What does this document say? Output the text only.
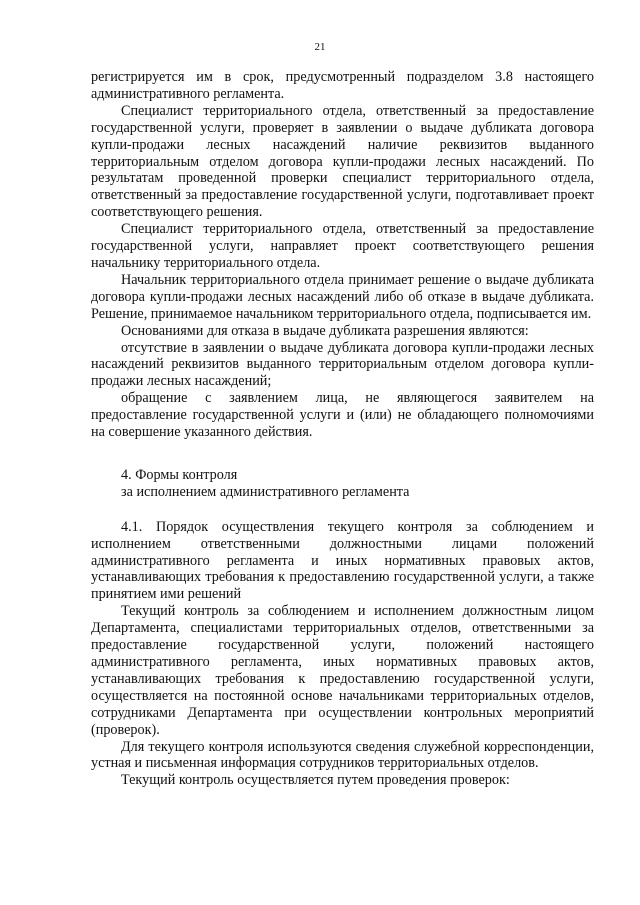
21

регистрируется им в срок, предусмотренный подразделом 3.8 настоящего административного регламента.

Специалист территориального отдела, ответственный за предоставление государственной услуги, проверяет в заявлении о выдаче дубликата договора купли-продажи лесных насаждений наличие реквизитов выданного территориальным отделом договора купли-продажи лесных насаждений. По результатам проведенной проверки специалист территориального отдела, ответственный за предоставление государственной услуги, подготавливает проект соответствующего решения.

Специалист территориального отдела, ответственный за предоставление государственной услуги, направляет проект соответствующего решения начальнику территориального отдела.

Начальник территориального отдела принимает решение о выдаче дубликата договора купли-продажи лесных насаждений либо об отказе в выдаче дубликата. Решение, принимаемое начальником территориального отдела, подписывается им.

Основаниями для отказа в выдаче дубликата разрешения являются:

отсутствие в заявлении о выдаче дубликата договора купли-продажи лесных насаждений реквизитов выданного территориальным отделом договора купли-продажи лесных насаждений;

обращение с заявлением лица, не являющегося заявителем на предоставление государственной услуги и (или) не обладающего полномочиями на совершение указанного действия.

4. Формы контроля

за исполнением административного регламента

4.1. Порядок осуществления текущего контроля за соблюдением и исполнением ответственными должностными лицами положений административного регламента и иных нормативных правовых актов, устанавливающих требования к предоставлению государственной услуги, а также принятием ими решений

Текущий контроль за соблюдением и исполнением должностным лицом Департамента, специалистами территориальных отделов, ответственными за предоставление государственной услуги, положений настоящего административного регламента, иных нормативных правовых актов, устанавливающих требования к предоставлению государственной услуги, осуществляется на постоянной основе начальниками территориальных отделов, сотрудниками Департамента при осуществлении контрольных мероприятий (проверок).

Для текущего контроля используются сведения служебной корреспонденции, устная и письменная информация сотрудников территориальных отделов.

Текущий контроль осуществляется путем проведения проверок:
